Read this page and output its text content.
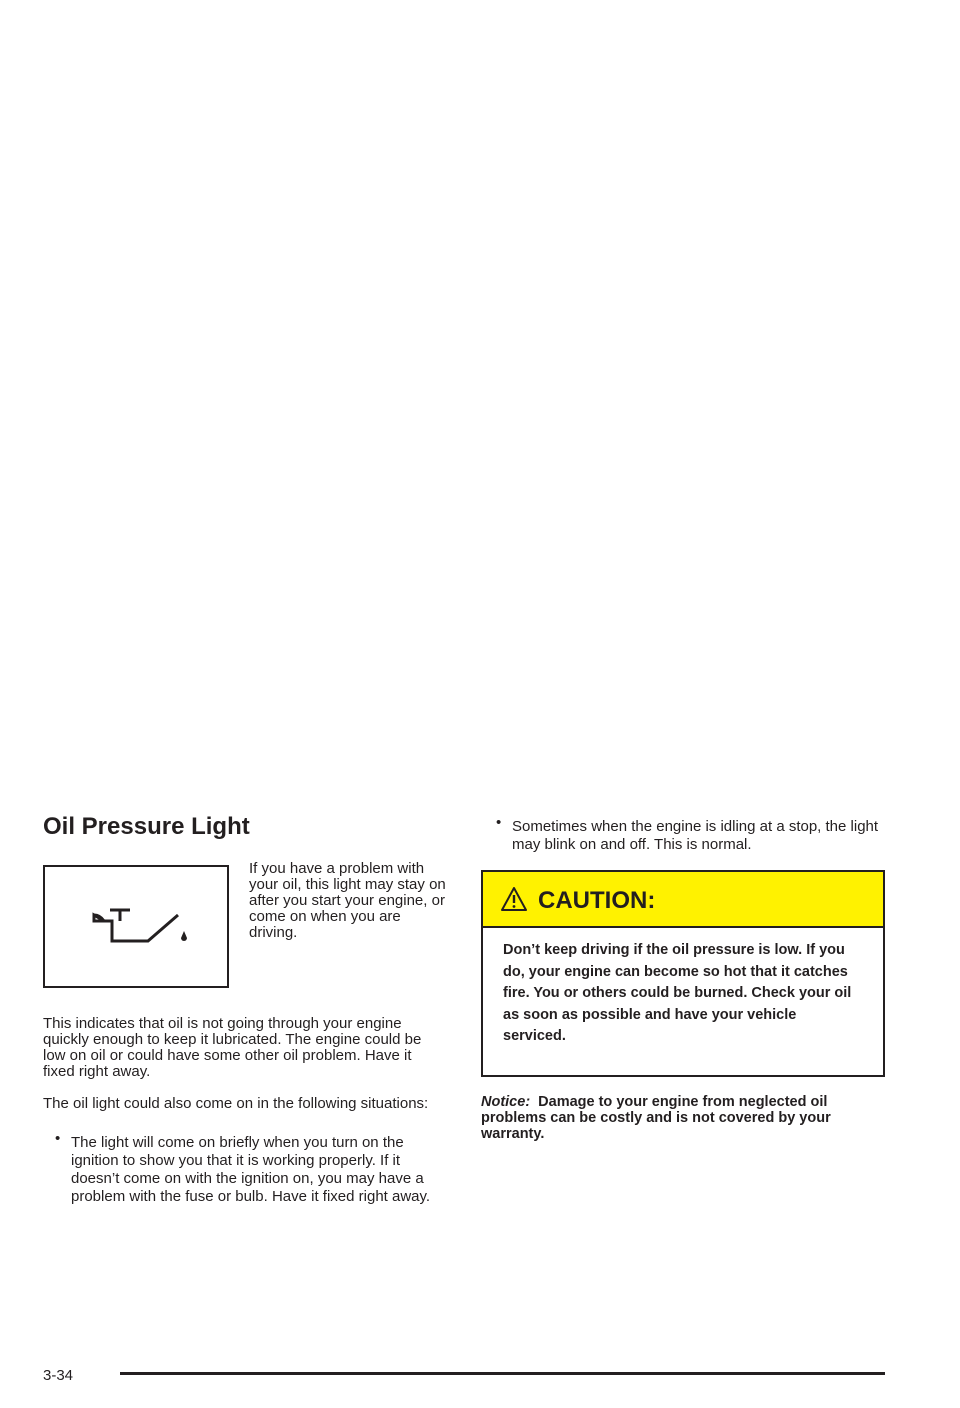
Oil Pressure Light

If you have a problem with your oil, this light may stay on after you start your engine, or come on when you are driving.

This indicates that oil is not going through your engine quickly enough to keep it lubricated. The engine could be low on oil or could have some other oil problem. Have it fixed right away.

The oil light could also come on in the following situations:

• The light will come on briefly when you turn on the ignition to show you that it is working properly. If it doesn’t come on with the ignition on, you may have a problem with the fuse or bulb. Have it fixed right away.

• Sometimes when the engine is idling at a stop, the light may blink on and off. This is normal.

CAUTION:

Don’t keep driving if the oil pressure is low. If you do, your engine can become so hot that it catches fire. You or others could be burned. Check your oil as soon as possible and have your vehicle serviced.

Notice: Damage to your engine from neglected oil problems can be costly and is not covered by your warranty.

3-34
